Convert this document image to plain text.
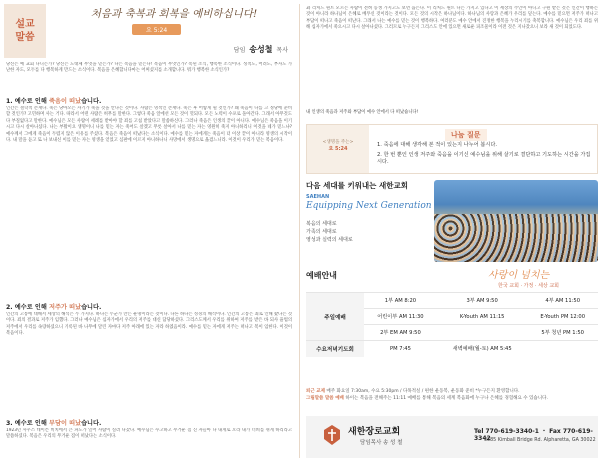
설교
말씀
처음과 축복과 회복을 예비하십니다!
요 5:24
담임 송성철 목사
당신은 예 교회 다니는가? 당신은 도대체 무엇을 믿는가? 나는 복음을 믿는다! 복음이 무엇인가? 복된 소식, 행복한 소식이다. 성적도, 어려도, 부자도 가난한 자도, 모두를 다 행복하게 만드는 소식이다. 복음을 은혜합니다마는 어쩌셨지를 소개합니다. 뭐가 행복한 소식인가?
1. 예수로 인해 죽음이 떠났습니다.
인간은 철학적 존재다. 죽은 당아오는 자기가 죽을 것을 안다는 것이다. 사람은 영적인 존재다. 죽은 후 어떻게 될 것인가? 왜 죽음이 나를 고 정당에 준비할 것인가? 고민하며 사는 거다. 따라서 어떤 사람은 허무를 말한다. 그렇다 죽음 앞에선 모든 것이 헛되다. 모든 노력이 수포로 돌아간다. 그래서 아무것도 다 부질없다고 말한다. 예수님은 모든 사람이 세례를 받아야 할 죄를 고침 받았다고 말씀하신다. 그러나 죽음은 인생의 끝이 아니다. 예수님은 죽음을 이기시고 다시 살아나셨다. 나는 부활이요 생명이니 나를 믿는 자는 죽어도 살겠고 무릇 살아서 나를 믿는 자는 영원히 죽지 아니하리니 이것을 네가 믿느냐? 예수께서 그에게 죽음이 두렵지 않은 이유를 주셨다. 복음은 죽음이 떠났다는 소식이다. 예수를 믿는 자에게는 죽음이 더 이상 끝이 아니라 영생의 시작이다. 내 말을 듣고 또 나 보내신 이를 믿는 자는 영생을 얻었고 심판에 이르지 아니하나니 사망에서 생명으로 옮겼느니라. 이것이 우리가 믿는 복음이다.
2. 예수로 인해 저주가 떠났습니다.
인간의 고통에 대해서 세상의 해석은 두 가지다. 하나는 누군가 만든 운명이라는 것이다. 다른 하나는 성경의 해석이다. 인간의 고통은 죄로 인해 왔다는 것이다. 죄의 결과로 저주가 임했다. 그러나 예수님은 십자가에서 우리의 저주를 대신 담당하셨다. 그리스도께서 우리를 위하여 저주를 받은 바 되사 율법의 저주에서 우리를 속량하셨으니 기록된 바 나무에 달린 자마다 저주 아래에 있는 자라 하였음이라. 예수를 믿는 자에게 저주는 떠나고 복이 임한다. 이것이 복음이다.
3. 예수로 인해 부담이 떠났습니다.
1923년 사우스 데이튼 비치에서 큰 파도가 일어 사람이 실려 나갔다. 예수님은 수고하고 무거운 짐 진 자들아 다 내게로 오라 내가 너희를 쉬게 하리라고 말씀하셨다. 복음은 우리의 무거운 짐이 떠났다는 소식이다.
3) 리처드 원트 모르는 사람이 전혀 동생 가지고도 보면 돕는다. 이 리처드 원트 나는 가지고 있다고 이 세상의 주인이 아니고 구원 받는 것은 인간이 행하는 것이 아니라 하나님이 은혜로 베푸신 것이라는 것이다. 모든 것의 시작은 하나님이다. 하나님의 사랑과 은혜가 우리를 덮는다. 예수를 믿으면 저주가 떠나고 부담이 떠나고 죽음이 떠난다. 그래서 나는 예수를 믿는 것이 행복하다. 여러분도 예수 안에서 진정한 행복을 누리시기를 축복합니다. 예수님은 우리 죄를 위해 십자가에서 죽으시고 다시 살아나셨다. 그러므로 누구든지 그리스도 안에 있으면 새로운 피조물이라 이전 것은 지나갔으니 보라 새 것이 되었도다.
내 인생의 죽음과 저주와 부담이 예수 안에서 다 떠났습니다!
<생명을 주는>
요 5:24
나눔 질문
1. 죽음에 대해 생각해 본 적이 있는지 나누어 봅시다.
2. 한 번 뿐인 인생 저주와 죽음을 이기신 예수님을 위해 살기로 결단하고 기도하는 시간을 가집시다.
다음 세대를 키워내는 새한교회
SAEHAN
Equipping Next Generation
복음의 세대로
가족의 세대로
영성과 실력의 세대로
예배안내	사랑이 넘치는
한국 교회 · 가정 · 세상 교회
주일예배	1부 AM 8:20	3부 AM 9:50	4부 AM 11:50
	어린이부 AM 11:30	K-Youth AM 11:15	E-Youth PM 12:00
	2부 EM AM 9:50		5부 청년 PM 1:50
수요저녁기도회	PM 7:45	새벽예배(월-토) AM 5:45	
퇴근 교제 매주 화요일 7:30am, 수요 5:30pm / 다목적실 / 편한 운동복, 운동화 준비 *누구든지 환영합니다.
그림말씀 말씀 예배 하이는 복음을 전해주는 11:11 예배를 통해 복음의 세계 복음화에 누구나 은혜를 경험해요 수 있습니다.
새한장로교회
담임목사 송 성 철
Tel 770-619-3340-1 ・ Fax 770-619-3342
3385 Kimball Bridge Rd. Alpharetta, GA 30022
